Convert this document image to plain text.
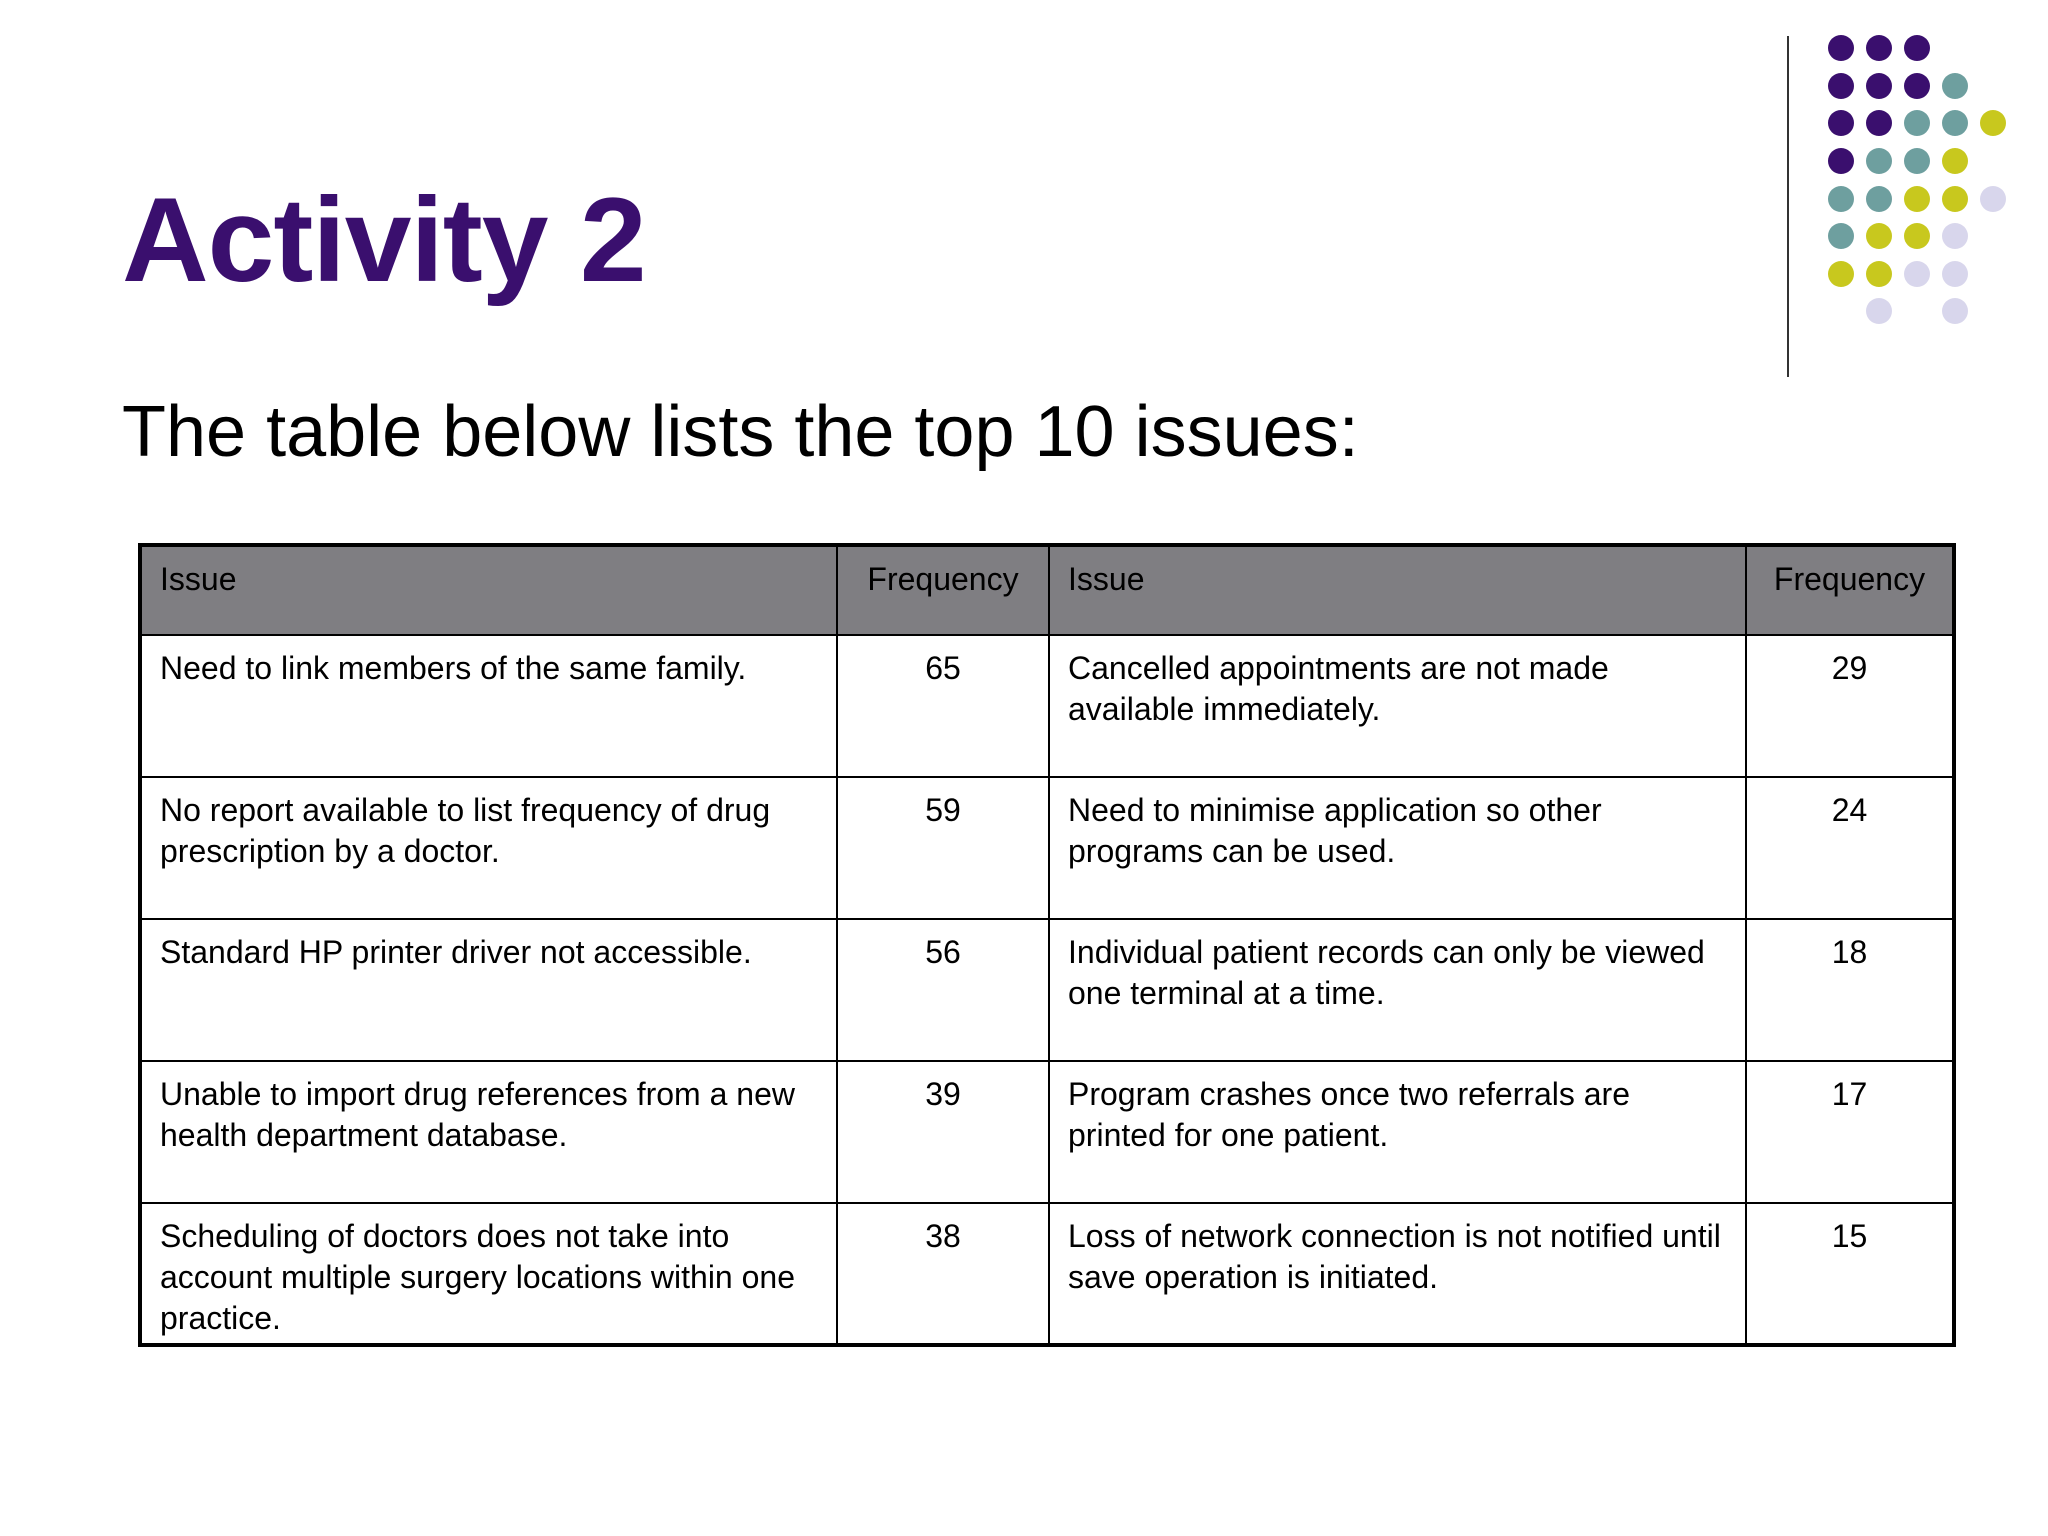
Activity 2
The table below lists the top 10 issues:
Issue	Frequency	Issue	Frequency
Need to link members of the same family.	65	Cancelled appointments are not made available immediately.	29
No report available to list frequency of drug prescription by a doctor.	59	Need to minimise application so other programs can be used.	24
Standard HP printer driver not accessible.	56	Individual patient records can only be viewed one terminal at a time.	18
Unable to import drug references from a new health department database.	39	Program crashes once two referrals are printed for one patient.	17
Scheduling of doctors does not take into account multiple surgery locations within one practice.	38	Loss of network connection is not notified until save operation is initiated.	15
